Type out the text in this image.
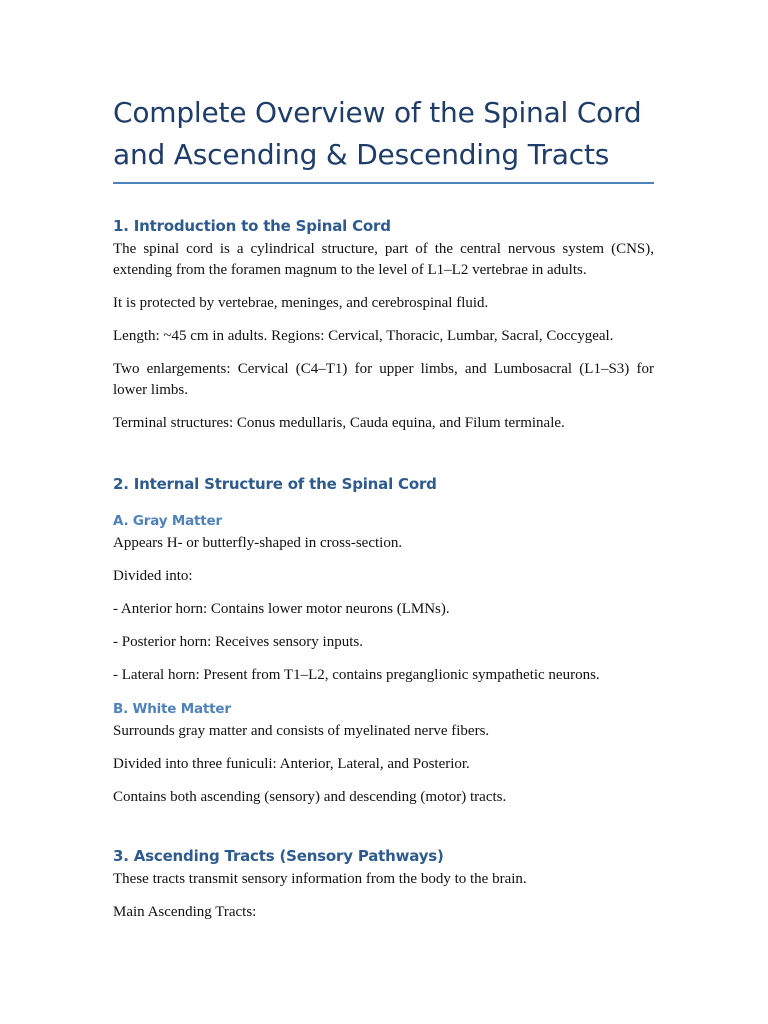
Complete Overview of the Spinal Cord and Ascending & Descending Tracts
1. Introduction to the Spinal Cord

The spinal cord is a cylindrical structure, part of the central nervous system (CNS), extending from the foramen magnum to the level of L1–L2 vertebrae in adults.

It is protected by vertebrae, meninges, and cerebrospinal fluid.

Length: ~45 cm in adults. Regions: Cervical, Thoracic, Lumbar, Sacral, Coccygeal.

Two enlargements: Cervical (C4–T1) for upper limbs, and Lumbosacral (L1–S3) for lower limbs.

Terminal structures: Conus medullaris, Cauda equina, and Filum terminale.

2. Internal Structure of the Spinal Cord
A. Gray Matter

Appears H- or butterfly-shaped in cross-section.

Divided into:

- Anterior horn: Contains lower motor neurons (LMNs).

- Posterior horn: Receives sensory inputs.

- Lateral horn: Present from T1–L2, contains preganglionic sympathetic neurons.

B. White Matter

Surrounds gray matter and consists of myelinated nerve fibers.

Divided into three funiculi: Anterior, Lateral, and Posterior.

Contains both ascending (sensory) and descending (motor) tracts.

3. Ascending Tracts (Sensory Pathways)

These tracts transmit sensory information from the body to the brain.

Main Ascending Tracts:
